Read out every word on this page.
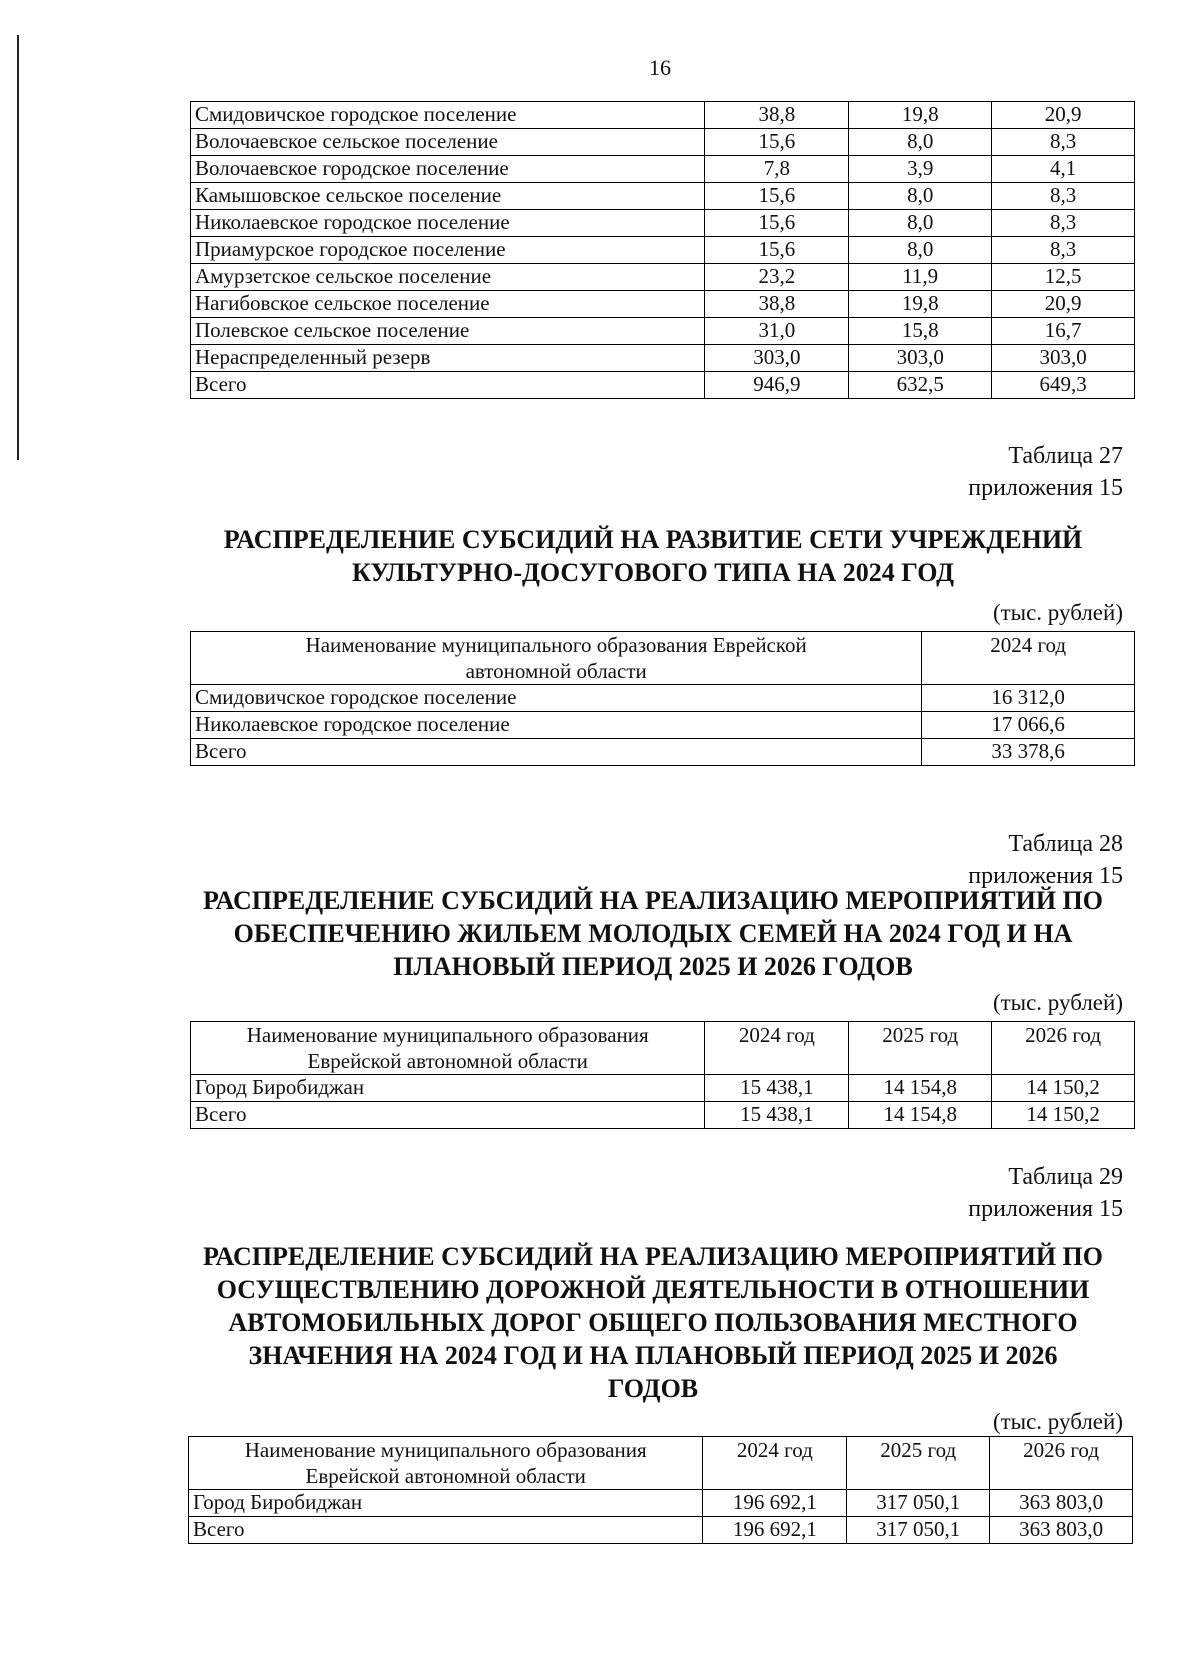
16
Смидовичское городское поселение	38,8	19,8	20,9
Волочаевское сельское поселение	15,6	8,0	8,3
Волочаевское городское поселение	7,8	3,9	4,1
Камышовское сельское поселение	15,6	8,0	8,3
Николаевское городское поселение	15,6	8,0	8,3
Приамурское городское поселение	15,6	8,0	8,3
Амурзетское сельское поселение	23,2	11,9	12,5
Нагибовское сельское поселение	38,8	19,8	20,9
Полевское сельское поселение	31,0	15,8	16,7
Нераспределенный резерв	303,0	303,0	303,0
Всего	946,9	632,5	649,3
Таблица 27
приложения 15
РАСПРЕДЕЛЕНИЕ СУБСИДИЙ НА РАЗВИТИЕ СЕТИ УЧРЕЖДЕНИЙ КУЛЬТУРНО-ДОСУГОВОГО ТИПА НА 2024 ГОД
(тыс. рублей)
Наименование муниципального образования Еврейской автономной области	2024 год
Смидовичское городское поселение	16 312,0
Николаевское городское поселение	17 066,6
Всего	33 378,6
Таблица 28
приложения 15
РАСПРЕДЕЛЕНИЕ СУБСИДИЙ НА РЕАЛИЗАЦИЮ МЕРОПРИЯТИЙ ПО ОБЕСПЕЧЕНИЮ ЖИЛЬЕМ МОЛОДЫХ СЕМЕЙ НА 2024 ГОД И НА ПЛАНОВЫЙ ПЕРИОД 2025 И 2026 ГОДОВ
(тыс. рублей)
Наименование муниципального образования Еврейской автономной области	2024 год	2025 год	2026 год
Город Биробиджан	15 438,1	14 154,8	14 150,2
Всего	15 438,1	14 154,8	14 150,2
Таблица 29
приложения 15
РАСПРЕДЕЛЕНИЕ СУБСИДИЙ НА РЕАЛИЗАЦИЮ МЕРОПРИЯТИЙ ПО ОСУЩЕСТВЛЕНИЮ ДОРОЖНОЙ ДЕЯТЕЛЬНОСТИ В ОТНОШЕНИИ АВТОМОБИЛЬНЫХ ДОРОГ ОБЩЕГО ПОЛЬЗОВАНИЯ МЕСТНОГО ЗНАЧЕНИЯ НА 2024 ГОД И НА ПЛАНОВЫЙ ПЕРИОД 2025 И 2026 ГОДОВ
(тыс. рублей)
Наименование муниципального образования Еврейской автономной области	2024 год	2025 год	2026 год
Город Биробиджан	196 692,1	317 050,1	363 803,0
Всего	196 692,1	317 050,1	363 803,0
